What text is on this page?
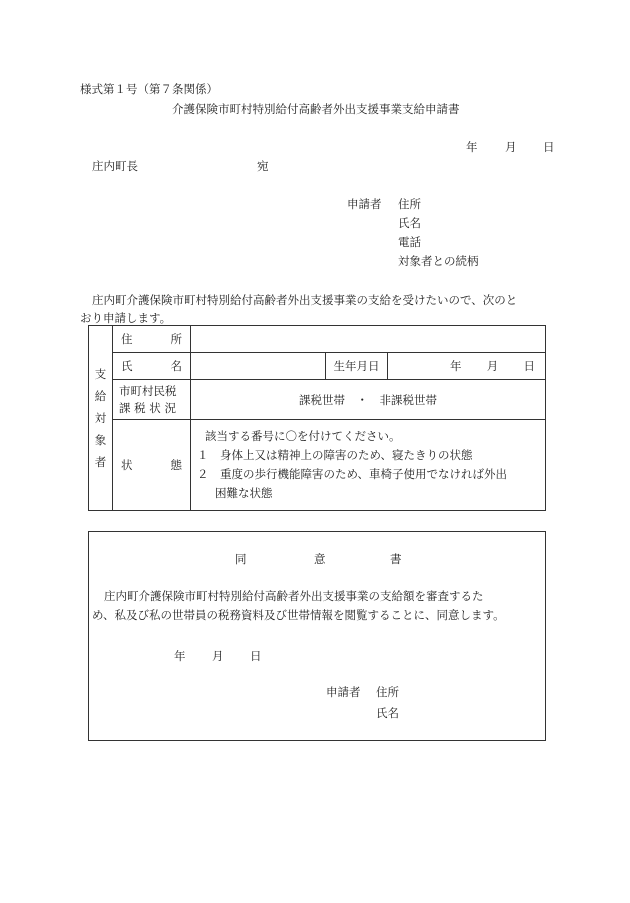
様式第１号（第７条関係）
介護保険市町村特別給付高齢者外出支援事業支給申請書
年 月 日
庄内町長	宛
申請者 住所
氏名
電話
対象者との続柄
庄内町介護保険市町村特別給付高齢者外出支援事業の支給を受けたいので、次のと
おり申請します。
支
給
対
象
者	住 所			

	氏 名		生年月日	年 月 日

	市町村民税
課 税 状 況	課税世帯　・　非課税世帯		

	状 態	該当する番号に〇を付けてください。
１　身体上又は精神上の障害のため、寝たきりの状態
２　重度の歩行機能障害のため、車椅子使用でなければ外出
困難な状態		
同	意	書
庄内町介護保険市町村特別給付高齢者外出支援事業の支給額を審査するた
め、私及び私の世帯員の税務資料及び世帯情報を閲覧することに、同意します。
年 月 日
申請者 住所
氏名
